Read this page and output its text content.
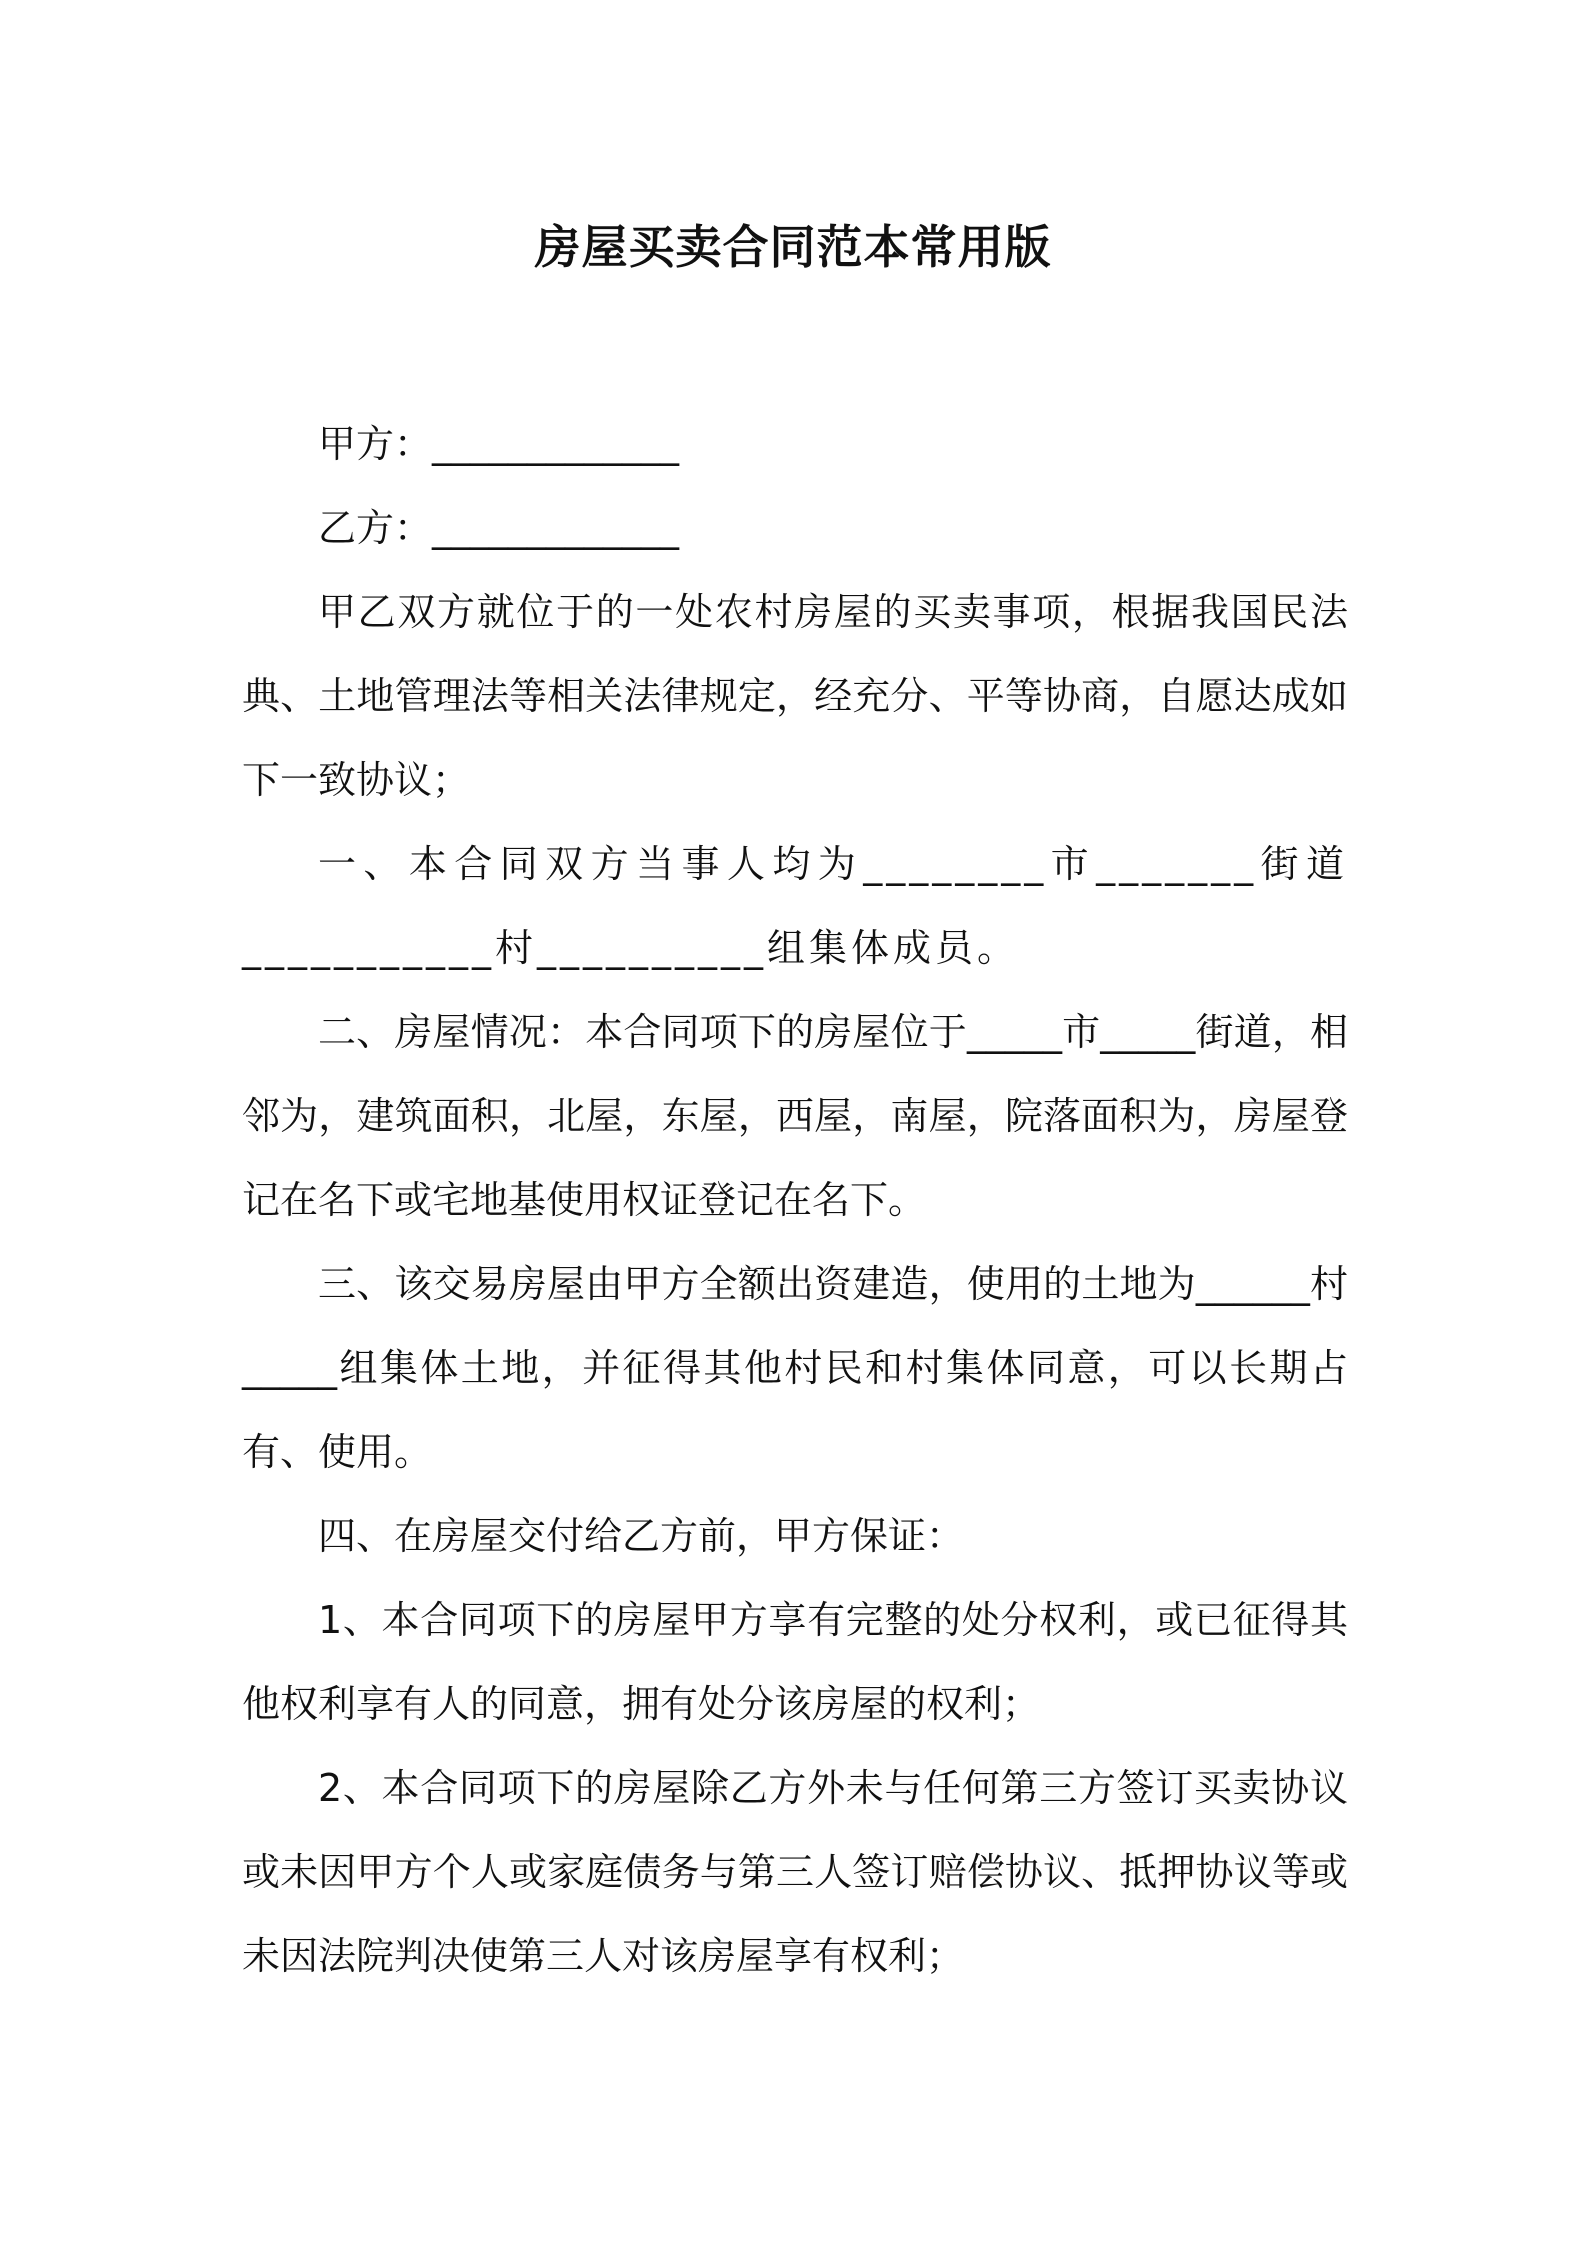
房屋买卖合同范本常用版

甲方：_____________

乙方：_____________

甲乙双方就位于的一处农村房屋的买卖事项，根据我国民法典、土地管理法等相关法律规定，经充分、平等协商，自愿达成如下一致协议；

一、本合同双方当事人均为________市_______街道___________村__________组集体成员。

二、房屋情况：本合同项下的房屋位于_____市_____街道，相邻为，建筑面积，北屋，东屋，西屋，南屋，院落面积为，房屋登记在名下或宅地基使用权证登记在名下。

三、该交易房屋由甲方全额出资建造，使用的土地为______村_____组集体土地，并征得其他村民和村集体同意，可以长期占有、使用。

四、在房屋交付给乙方前，甲方保证：

1、本合同项下的房屋甲方享有完整的处分权利，或已征得其他权利享有人的同意，拥有处分该房屋的权利；

2、本合同项下的房屋除乙方外未与任何第三方签订买卖协议或未因甲方个人或家庭债务与第三人签订赔偿协议、抵押协议等或未因法院判决使第三人对该房屋享有权利；
